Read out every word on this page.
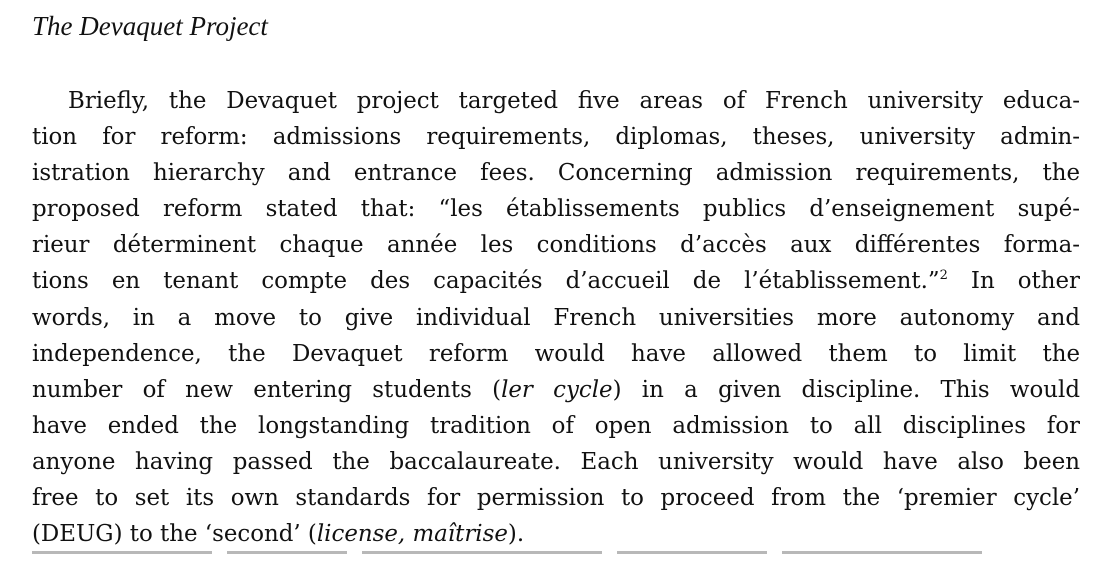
The Devaquet Project
Briefly, the Devaquet project targeted five areas of French university educa-
tion for reform: admissions requirements, diplomas, theses, university admin-
istration hierarchy and entrance fees. Concerning admission requirements, the
proposed reform stated that: “les établissements publics d’enseignement supé-
rieur déterminent chaque année les conditions d’accès aux différentes forma-
tions en tenant compte des capacités d’accueil de l’établissement.”$^2$ In other
words, in a move to give individual French universities more autonomy and
independence, the Devaquet reform would have allowed them to limit the
number of new entering students (ler cycle) in a given discipline. This would
have ended the longstanding tradition of open admission to all disciplines for
anyone having passed the baccalaureate. Each university would have also been
free to set its own standards for permission to proceed from the ‘premier cycle’
(DEUG) to the ‘second’ (license, maîtrise).
